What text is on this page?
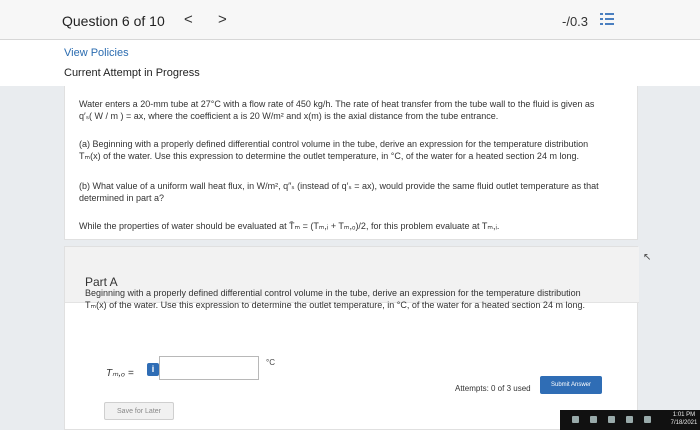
Question 6 of 10 < >	-/0.3
View Policies
Current Attempt in Progress
Water enters a 20-mm tube at 27°C with a flow rate of 450 kg/h. The rate of heat transfer from the tube wall to the fluid is given as
q′ₛ( W / m ) = ax, where the coefficient a is 20 W/m² and x(m) is the axial distance from the tube entrance.
(a) Beginning with a properly defined differential control volume in the tube, derive an expression for the temperature distribution
Tₘ(x) of the water. Use this expression to determine the outlet temperature, in °C, of the water for a heated section 24 m long.
(b) What value of a uniform wall heat flux, in W/m², q″ₛ (instead of q′ₛ = ax), would provide the same fluid outlet temperature as that
determined in part a?
While the properties of water should be evaluated at T̄ₘ = (Tₘ,ᵢ + Tₘ,ₒ)/2, for this problem evaluate at Tₘ,ᵢ.
↖
Part A
Beginning with a properly defined differential control volume in the tube, derive an expression for the temperature distribution
Tₘ(x) of the water. Use this expression to determine the outlet temperature, in °C, of the water for a heated section 24 m long.
Tₘ,ₒ =	i
°C
Attempts: 0 of 3 used	Submit Answer
Save for Later
1:01 PM
7/18/2021
